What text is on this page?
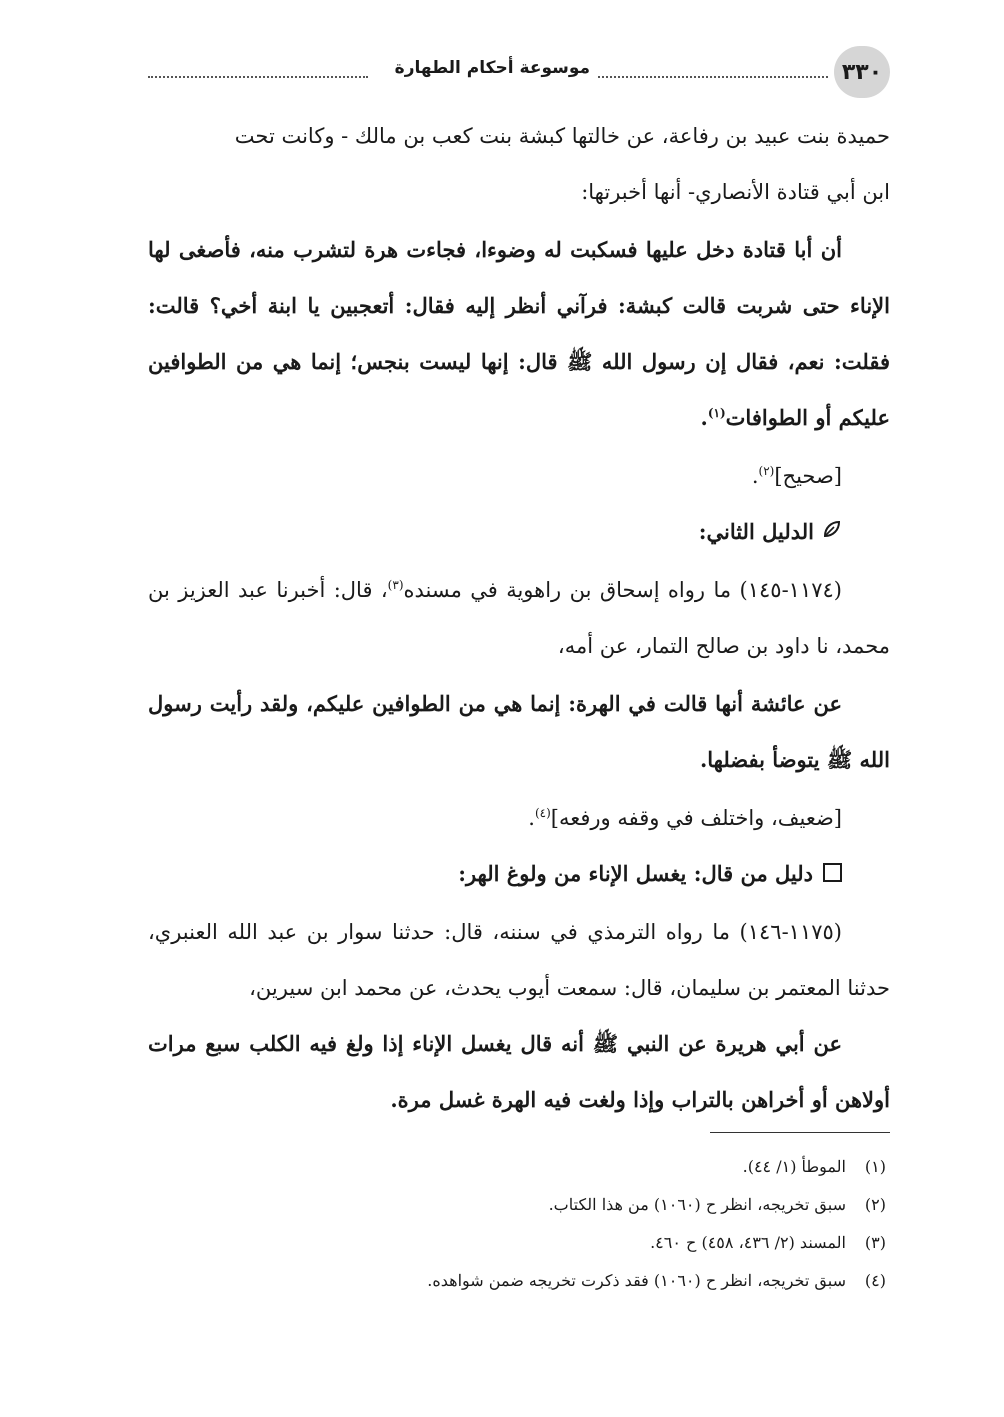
٣٣٠
موسوعة أحكام الطهارة

حميدة بنت عبيد بن رفاعة، عن خالتها كبشة بنت كعب بن مالك - وكانت تحت
ابن أبي قتادة الأنصاري- أنها أخبرتها:

أن أبا قتادة دخل عليها فسكبت له وضوءا، فجاءت هرة لتشرب منه، فأصغى لها الإناء حتى شربت قالت كبشة: فرآني أنظر إليه فقال: أتعجبين يا ابنة أخي؟ قالت: فقلت: نعم، فقال إن رسول الله ﷺ قال: إنها ليست بنجس؛ إنما هي من الطوافين عليكم أو الطوافات$^{(١)}$.

[صحيح]$^{(٢)}$.

الدليل الثاني:

(١١٧٤-١٤٥) ما رواه إسحاق بن راهوية في مسنده$^{(٣)}$، قال: أخبرنا عبد العزيز بن محمد، نا داود بن صالح التمار، عن أمه،

عن عائشة أنها قالت في الهرة: إنما هي من الطوافين عليكم، ولقد رأيت رسول الله ﷺ يتوضأ بفضلها.

[ضعيف، واختلف في وقفه ورفعه]$^{(٤)}$.

دليل من قال: يغسل الإناء من ولوغ الهر:

(١١٧٥-١٤٦) ما رواه الترمذي في سننه، قال: حدثنا سوار بن عبد الله العنبري، حدثنا المعتمر بن سليمان، قال: سمعت أيوب يحدث، عن محمد ابن سيرين،

عن أبي هريرة عن النبي ﷺ أنه قال يغسل الإناء إذا ولغ فيه الكلب سبع مرات أولاهن أو أخراهن بالتراب وإذا ولغت فيه الهرة غسل مرة.

(١)الموطأ (١/ ٤٤).

(٢)سبق تخريجه، انظر ح (١٠٦٠) من هذا الكتاب.

(٣)المسند (٢/ ٤٣٦، ٤٥٨) ح ٤٦٠.

(٤)سبق تخريجه، انظر ح (١٠٦٠) فقد ذكرت تخريجه ضمن شواهده.
